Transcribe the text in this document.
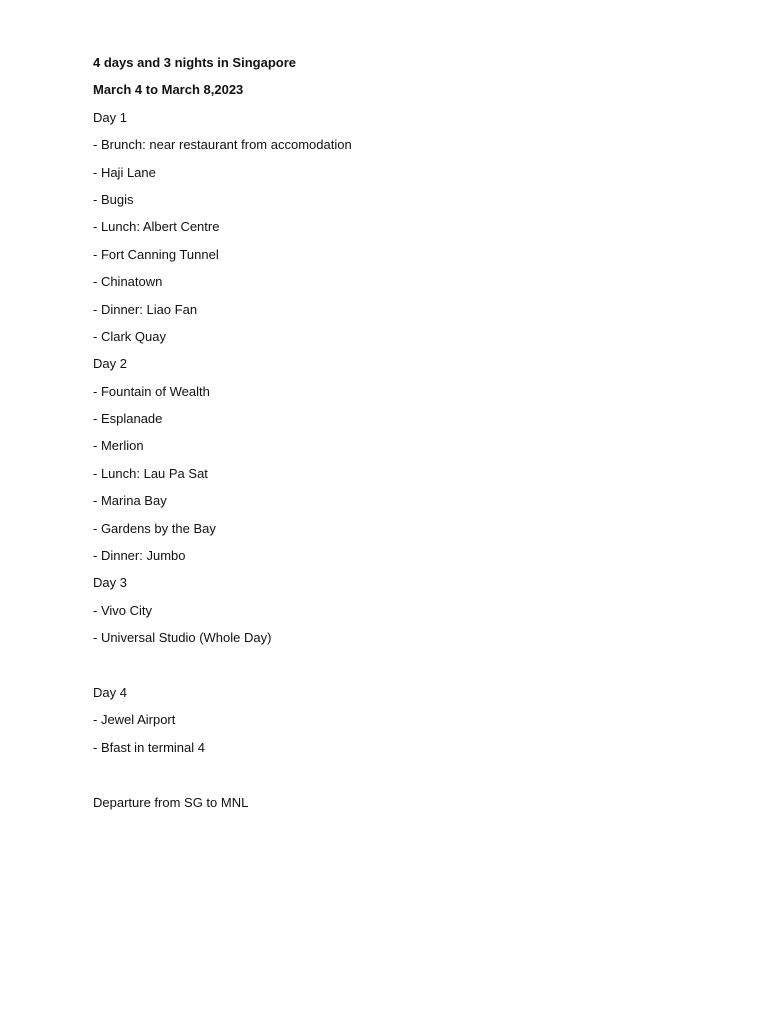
4 days and 3 nights in Singapore
March 4 to March 8,2023
Day 1
- Brunch: near restaurant from accomodation
- Haji Lane
- Bugis
- Lunch: Albert Centre
- Fort Canning Tunnel
- Chinatown
- Dinner: Liao Fan
- Clark Quay
Day 2
- Fountain of Wealth
- Esplanade
- Merlion
- Lunch: Lau Pa Sat
- Marina Bay
- Gardens by the Bay
- Dinner: Jumbo
Day 3
- Vivo City
- Universal Studio (Whole Day)
Day 4
- Jewel Airport
- Bfast in terminal 4
Departure from SG to MNL
